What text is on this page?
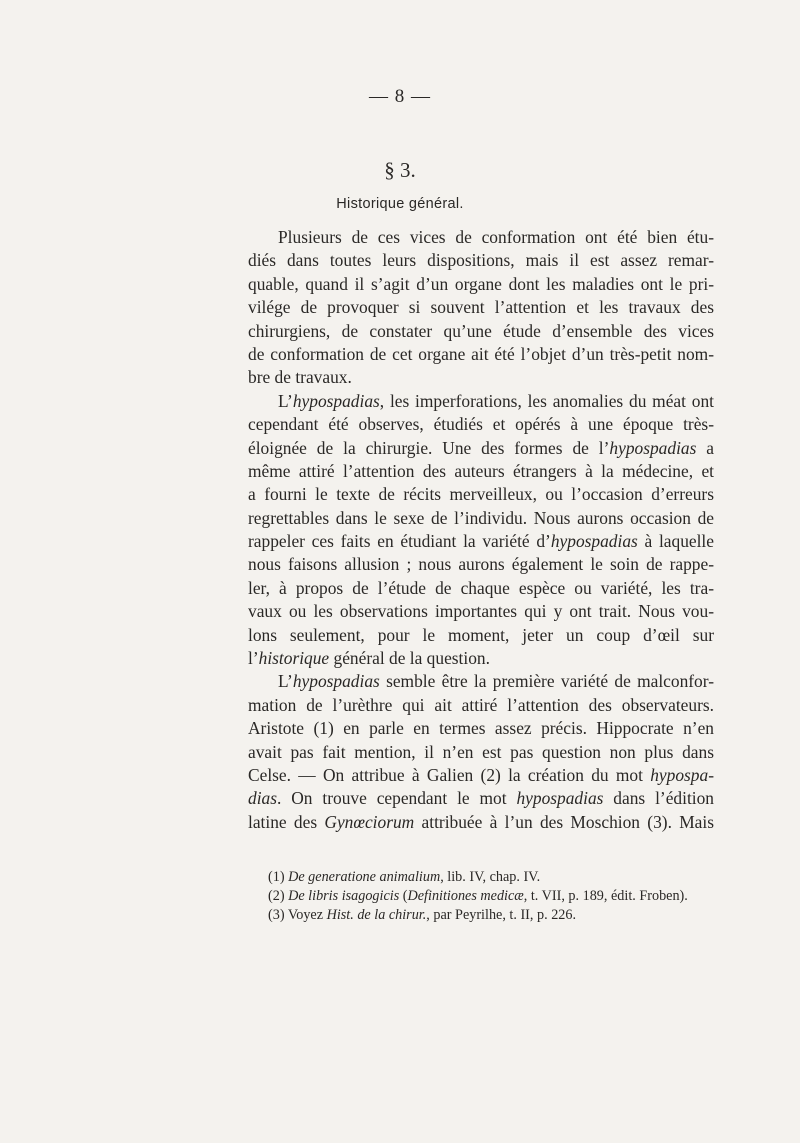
— 8 —
§ 3.
Historique général.
Plusieurs de ces vices de conformation ont été bien étu-
diés dans toutes leurs dispositions, mais il est assez remar-
quable, quand il s’agit d’un organe dont les maladies ont le pri-
vilége de provoquer si souvent l’attention et les travaux des
chirurgiens, de constater qu’une étude d’ensemble des vices
de conformation de cet organe ait été l’objet d’un très-petit nom-
bre de travaux.
L’hypospadias, les imperforations, les anomalies du méat ont
cependant été observes, étudiés et opérés à une époque très-
éloignée de la chirurgie. Une des formes de l’hypospadias a
même attiré l’attention des auteurs étrangers à la médecine, et
a fourni le texte de récits merveilleux, ou l’occasion d’erreurs
regrettables dans le sexe de l’individu. Nous aurons occasion de
rappeler ces faits en étudiant la variété d’hypospadias à laquelle
nous faisons allusion ; nous aurons également le soin de rappe-
ler, à propos de l’étude de chaque espèce ou variété, les tra-
vaux ou les observations importantes qui y ont trait. Nous vou-
lons seulement, pour le moment, jeter un coup d’œil sur
l’historique général de la question.
L’hypospadias semble être la première variété de malconfor-
mation de l’urèthre qui ait attiré l’attention des observateurs.
Aristote (1) en parle en termes assez précis. Hippocrate n’en
avait pas fait mention, il n’en est pas question non plus dans
Celse. — On attribue à Galien (2) la création du mot hypospa-
dias. On trouve cependant le mot hypospadias dans l’édition
latine des Gynœciorum attribuée à l’un des Moschion (3). Mais
(1) De generatione animalium, lib. IV, chap. IV.
(2) De libris isagogicis (Definitiones medicæ, t. VII, p. 189, édit. Froben).
(3) Voyez Hist. de la chirur., par Peyrilhe, t. II, p. 226.
